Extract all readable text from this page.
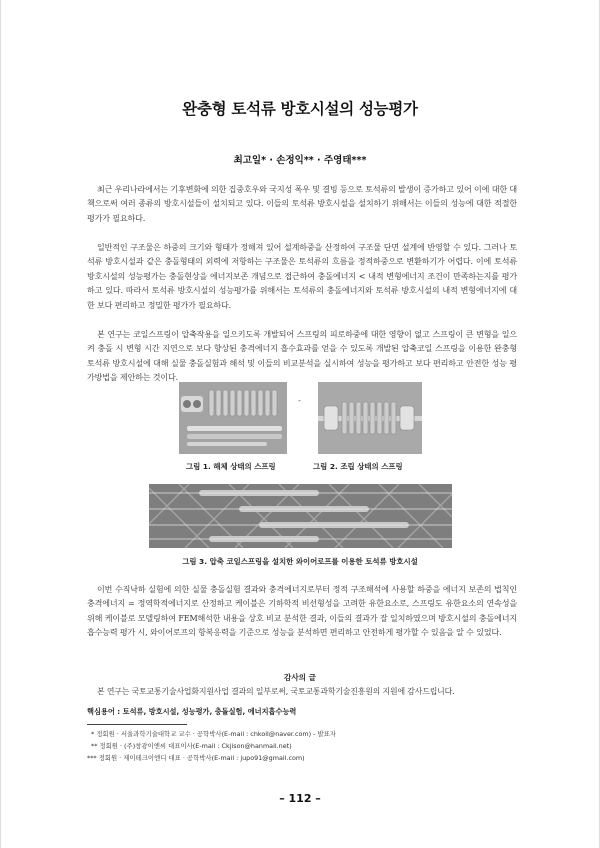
완충형 토석류 방호시설의 성능평가
최고일* · 손정익** · 주영태***
최근 우리나라에서는 기후변화에 의한 집중호우와 국지성 폭우 및 결빙 등으로 토석류의 발생이 증가하고 있어 이에 대한 대책으로써 여러 종류의 방호시설들이 설치되고 있다. 이들의 토석류 방호시설을 설치하기 위해서는 이들의 성능에 대한 적절한 평가가 필요하다.
일반적인 구조물은 하중의 크기와 형태가 정해져 있어 설계하중을 산정하여 구조물 단면 설계에 반영할 수 있다. 그러나 토석류 방호시설과 같은 충돌형태의 외력에 저항하는 구조물은 토석류의 흐름을 정적하중으로 변환하기가 어렵다. 이에 토석류 방호시설의 성능평가는 충돌현상을 에너지보존 개념으로 접근하여 충돌에너지 < 내적 변형에너지 조건이 만족하는지를 평가하고 있다. 따라서 토석류 방호시설의 성능평가를 위해서는 토석류의 충돌에너지와 토석류 방호시설의 내적 변형에너지에 대한 보다 편리하고 정밀한 평가가 필요하다.
본 연구는 코일스프링이 압축작용을 일으키도록 개발되어 스프링의 피로하중에 대한 영향이 없고 스프링이 큰 변형을 일으켜 충돌 시 변형 시간 지연으로 보다 향상된 충격에너지 흡수효과를 얻을 수 있도록 개발된 압축코일 스프링을 이용한 완충형 토석류 방호시설에 대해 실물 충돌실험과 해석 및 이들의 비교분석을 실시하여 성능을 평가하고 보다 편리하고 안전한 성능 평가방법을 제안하는 것이다.
-
그림 1. 해체 상태의 스프링	그림 2. 조립 상태의 스프링
그림 3. 압축 코일스프링을 설치한 와이어로프를 이용한 토석류 방호시설
이번 수직낙하 실험에 의한 실물 충돌실험 결과와 충격에너지로부터 정적 구조해석에 사용할 하중을 에너지 보존의 법칙인 충격에너지 = 정역학적에너지로 산정하고 케이블은 기하학적 비선형성을 고려한 유한요소로, 스프링도 유한요소의 연속성을 위해 케이블로 모델링하여 FEM해석한 내용을 상호 비교 분석한 결과, 이들의 결과가 잘 일치하였으며 방호시설의 충돌에너지 흡수능력 평가 시, 와이어로프의 항복응력을 기준으로 성능을 분석하면 편리하고 안전하게 평가할 수 있음을 알 수 있었다.
감사의 글
본 연구는 국토교통기술사업화지원사업 결과의 일부로써, 국토교통과학기술진흥원의 지원에 감사드립니다.
핵심용어 : 토석류, 방호시설, 성능평가, 충돌실험, 에너지흡수능력
* 정회원 · 서울과학기술대학교 교수 · 공학박사(E-mail : chkoil@naver.com) - 발표자
** 정회원 · (주)창광이엔씨 대표이사(E-mail : Ckjison@hanmail.net)
*** 정회원 · 제이테크이엔디 대표 · 공학박사(E-mail : jupo91@gmail.com)
– 112 –
